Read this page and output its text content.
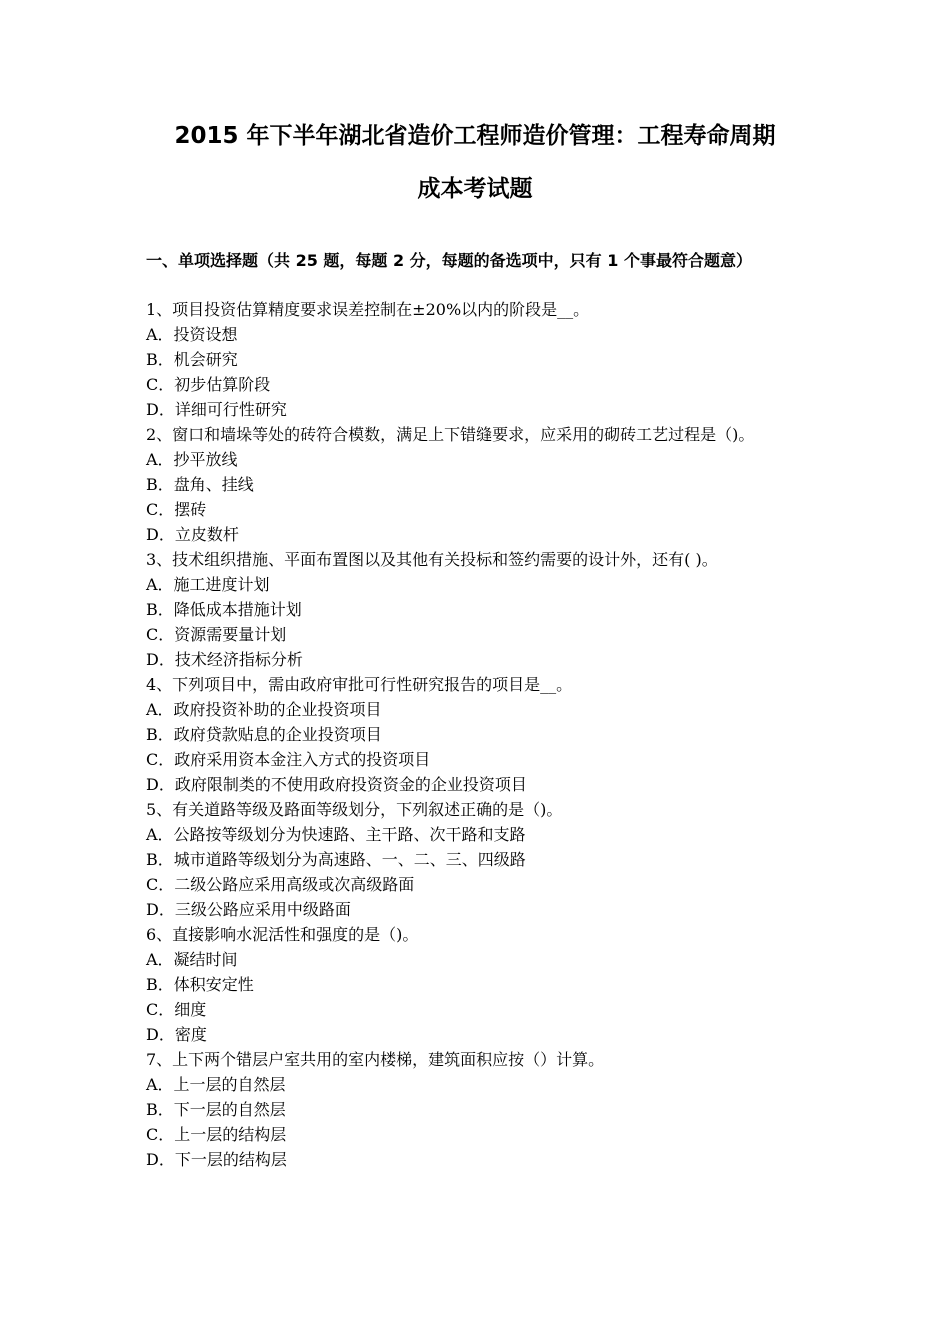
2015 年下半年湖北省造价工程师造价管理：工程寿命周期
成本考试题
一、单项选择题（共 25 题，每题 2 分，每题的备选项中，只有 1 个事最符合题意）
1、项目投资估算精度要求误差控制在±20%以内的阶段是__。
A．投资设想
B．机会研究
C．初步估算阶段
D．详细可行性研究
2、窗口和墙垛等处的砖符合模数，满足上下错缝要求，应采用的砌砖工艺过程是（)。
A．抄平放线
B．盘角、挂线
C．摆砖
D．立皮数杆
3、技术组织措施、平面布置图以及其他有关投标和签约需要的设计外，还有( )。
A．施工进度计划
B．降低成本措施计划
C．资源需要量计划
D．技术经济指标分析
4、下列项目中，需由政府审批可行性研究报告的项目是__。
A．政府投资补助的企业投资项目
B．政府贷款贴息的企业投资项目
C．政府采用资本金注入方式的投资项目
D．政府限制类的不使用政府投资资金的企业投资项目
5、有关道路等级及路面等级划分，下列叙述正确的是（)。
A．公路按等级划分为快速路、主干路、次干路和支路
B．城市道路等级划分为高速路、一、二、三、四级路
C．二级公路应采用高级或次高级路面
D．三级公路应采用中级路面
6、直接影响水泥活性和强度的是（)。
A．凝结时间
B．体积安定性
C．细度
D．密度
7、上下两个错层户室共用的室内楼梯，建筑面积应按（）计算。
A．上一层的自然层
B．下一层的自然层
C．上一层的结构层
D．下一层的结构层
